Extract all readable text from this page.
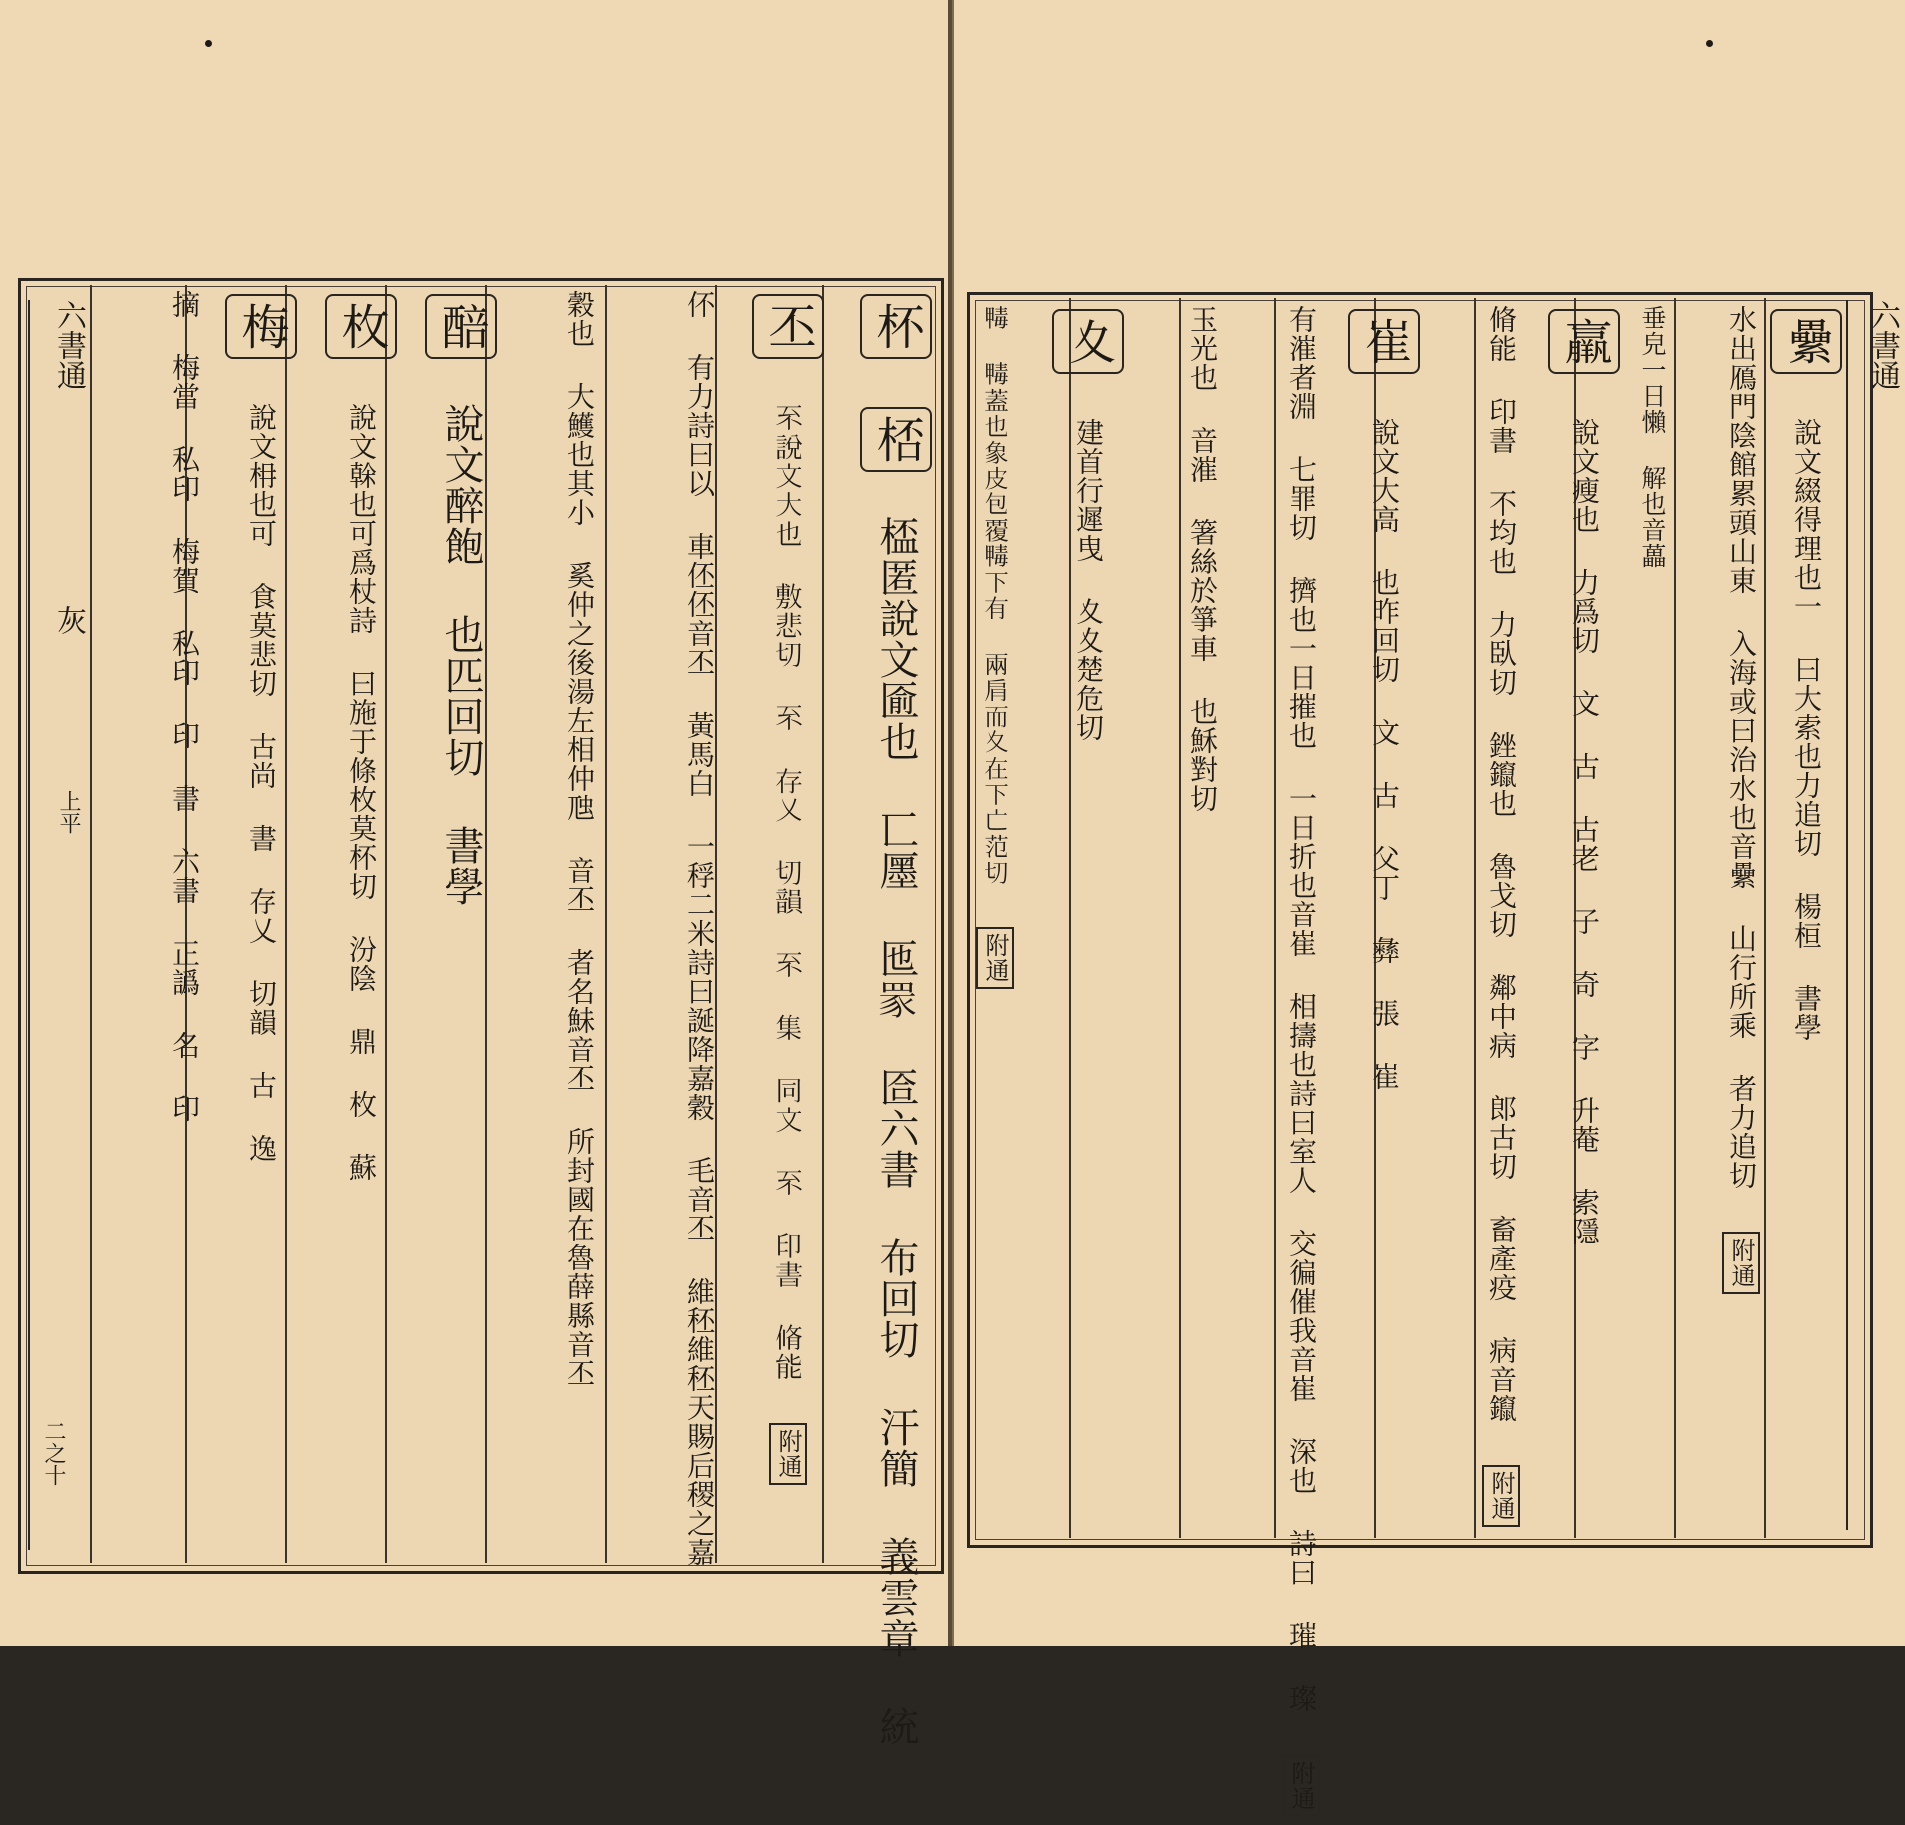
六書通 灰 上平
二之十
杯 桮 㮎匿說文匬也 匸㕓 匜𦊽 匼六書 布回切 汗簡 義雲章 統
丕 𠀚說文大也 敷悲切 𠀚 存乂 切韻 𠀚 集 同文 𠀚 印書 脩能 附通
伓 有力詩曰以 車伾伾音丕 黃馬白 一稃二米詩曰誕降嘉穀 毛音丕 維秠維秠天賜后稷之嘉
穀也 大鱯也其小 奚仲之後湯左相仲虺 音丕 者名鮇音丕 所封國在魯薛縣音丕
醅 說文醉飽 也匹回切 書學
枚 說文榦也可爲杖詩 曰施于條枚莫杯切 汾陰 鼎 枚 蘇
梅 說文枏也可 食莫悲切 古尚 書 存乂 切韻 古 逸
摘 梅當 私印 梅賀 私印 印 書 六書 正譌 名 印	六書通
纍 說文綴得理也一 曰大索也力追切 楊桓 書學
水出鴈門陰館累頭山東 入海或曰治水也音纍 山行所乘 者力追切 附通
垂皃一日懶 解也音藟
羸 說文瘦也 力爲切 文 古 古老 子 奇 字 升菴 索隱
脩能 印書 不均也 力臥切 銼鑹也 魯戈切 鄰中病 郎古切 畜產疫 病音鑹 附通
崔 說文大高 也昨回切 文 古 父丁 彝 張 崔
有漼者淵 七罪切 擠也一日摧也 一日折也音崔 相擣也詩曰室人 交徧催我音崔 深也 詩曰 璀 璨 附通
玉光也 音漼 箸絲於箏車 也穌對切
夊 建首行遲曳 夊夊楚危切
𣫹 𣫹蓋也象皮包覆𣫹下有 兩肩而夊在下亡范切 附通
